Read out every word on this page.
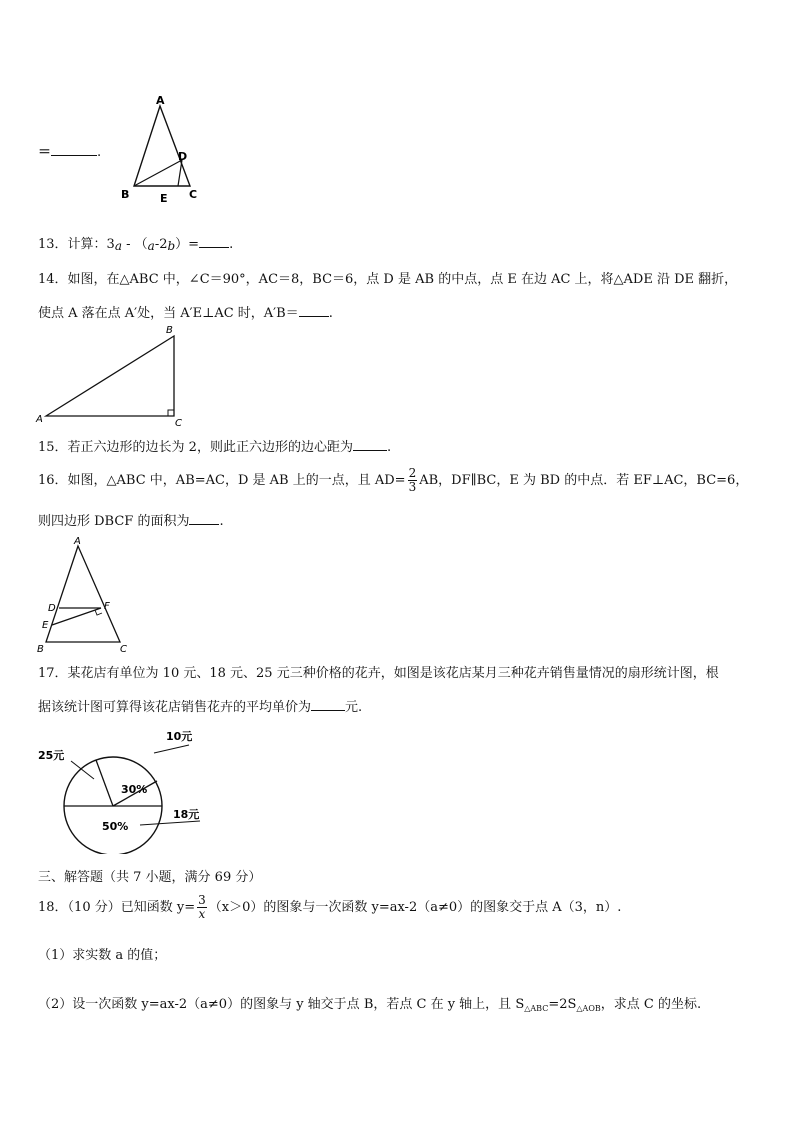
＝	.
A
B	C
D
E
13．计算：3a - （a-2b）= .
14．如图，在△ABC 中，∠C＝90°，AC＝8，BC＝6，点 D 是 AB 的中点，点 E 在边 AC 上，将△ADE 沿 DE 翻折，
使点 A 落在点 A′处，当 A′E⊥AC 时，A′B＝ .
A
B
C
15．若正六边形的边长为 2，则此正六边形的边心距为	.
16．如图，△ABC 中，AB=AC，D 是 AB 上的一点，且 $AD= \frac{2}{3}$ AB，DF∥BC，E 为 BD 的中点．若 EF⊥AC，BC=6，
则四边形 DBCF 的面积为 .
A
B	C
D
E
F
17．某花店有单位为 10 元、18 元、25 元三种价格的花卉，如图是该花店某月三种花卉销售量情况的扇形统计图，根
据该统计图可算得该花店销售花卉的平均单价为	元.
10元
25元
18元
30%
50%
三、解答题（共 7 小题，满分 69 分）
18．（10 分）已知函数 $y= \frac{3}{x} (x>0)$的图象与一次函数 y=ax-2（a≠0）的图象交于点 A（3，n）.
（1）求实数 a 的值；
（2）设一次函数 y=ax-2（a≠0）的图象与 y 轴交于点 B，若点 C 在 y 轴上，且 $S_{\triangle ABC}=2S_{\triangle AOB}$，求点 C 的坐标.
